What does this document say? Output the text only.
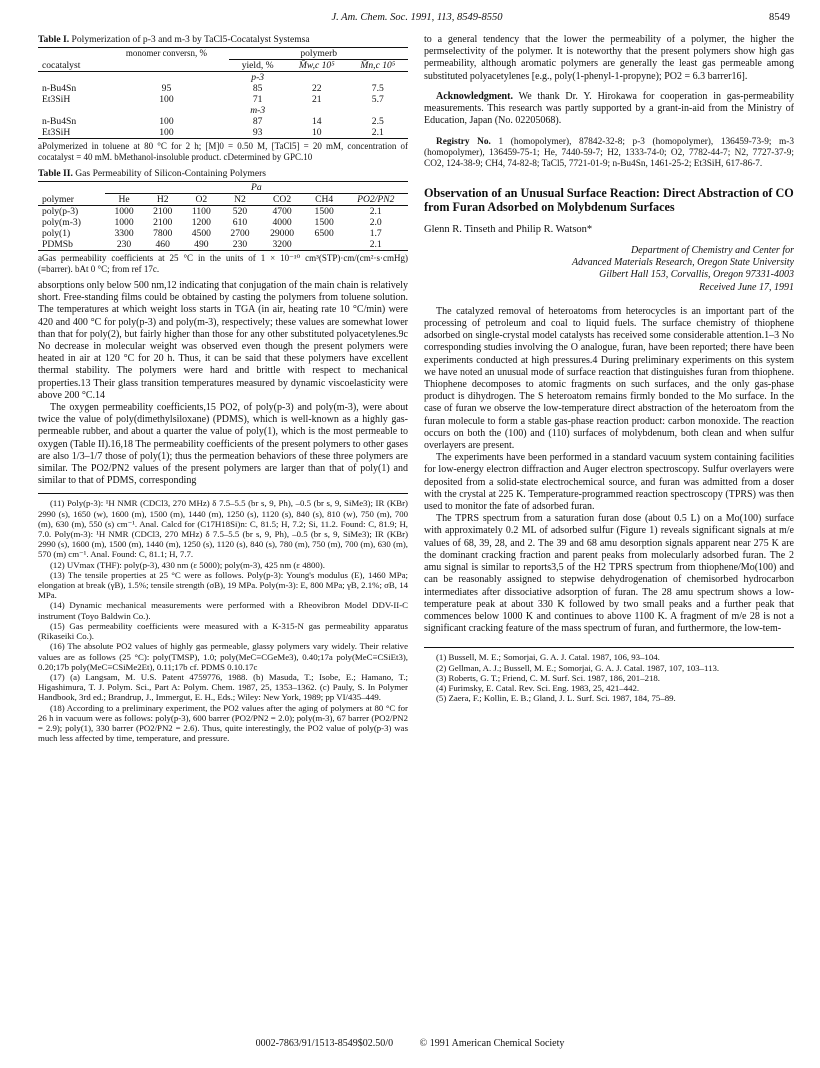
J. Am. Chem. Soc. 1991, 113, 8549-8550	8549
Table I. Polymerization of p-3 and m-3 by TaCl5-Cocatalyst Systemsa
	monomer conversn, %	polymerb		
cocatalyst		yield, %	M̄w,c 10⁵	M̄n,c 10⁵
		p-3		
n-Bu4Sn	95	85	22	7.5
Et3SiH	100	71	21	5.7
		m-3		
n-Bu4Sn	100	87	14	2.5
Et3SiH	100	93	10	2.1
aPolymerized in toluene at 80 °C for 2 h; [M]0 = 0.50 M, [TaCl5] = 20 mM, concentration of cocatalyst = 40 mM. bMethanol-insoluble product. cDetermined by GPC.10
Table II. Gas Permeability of Silicon-Containing Polymers
	Pa						
polymer	He	H2	O2	N2	CO2	CH4	PO2/PN2
poly(p-3)	1000	2100	1100	520	4700	1500	2.1
poly(m-3)	1000	2100	1200	610	4000	1500	2.0
poly(1)	3300	7800	4500	2700	29000	6500	1.7
PDMSb	230	460	490	230	3200		2.1
aGas permeability coefficients at 25 °C in the units of 1 × 10⁻¹⁰ cm³(STP)·cm/(cm²·s·cmHg) (≡barrer). bAt 0 °C; from ref 17c.

absorptions only below 500 nm,12 indicating that conjugation of the main chain is relatively short. Free-standing films could be obtained by casting the polymers from toluene solution. The temperatures at which weight loss starts in TGA (in air, heating rate 10 °C/min) were 420 and 400 °C for poly(p-3) and poly(m-3), respectively; these values are somewhat lower than that for poly(2), but fairly higher than those for any other substituted polyacetylenes.9c No decrease in molecular weight was observed even though the present polymers were heated in air at 120 °C for 20 h. Thus, it can be said that these polymers have excellent thermal stability. The polymers were hard and brittle with respect to mechanical properties.13 Their glass transition temperatures measured by dynamic viscoelasticity were above 200 °C.14

The oxygen permeability coefficients,15 PO2, of poly(p-3) and poly(m-3), were about twice the value of poly(dimethylsiloxane) (PDMS), which is well-known as a highly gas-permeable rubber, and about a quarter the value of poly(1), which is the most permeable to oxygen (Table II).16,18 The permeability coefficients of the present polymers to other gases are also 1/3–1/7 those of poly(1); thus the permeation behaviors of these three polymers are similar. The PO2/PN2 values of the present polymers are larger than that of poly(1) and similar to that of PDMS, corresponding

(11) Poly(p-3): ¹H NMR (CDCl3, 270 MHz) δ 7.5–5.5 (br s, 9, Ph), –0.5 (br s, 9, SiMe3); IR (KBr) 2990 (s), 1650 (w), 1600 (m), 1500 (m), 1440 (m), 1250 (s), 1120 (s), 840 (s), 810 (w), 750 (m), 700 (m), 630 (m), 550 (s) cm⁻¹. Anal. Calcd for (C17H18Si)n: C, 81.5; H, 7.2; Si, 11.2. Found: C, 81.9; H, 7.0. Poly(m-3): ¹H NMR (CDCl3, 270 MHz) δ 7.5–5.5 (br s, 9, Ph), –0.5 (br s, 9, SiMe3); IR (KBr) 2990 (s), 1600 (m), 1500 (m), 1440 (m), 1250 (s), 1120 (s), 840 (s), 780 (m), 750 (m), 700 (m), 630 (m), 570 (m) cm⁻¹. Anal. Found: C, 81.1; H, 7.7.
(12) UVmax (THF): poly(p-3), 430 nm (ε 5000); poly(m-3), 425 nm (ε 4800).
(13) The tensile properties at 25 °C were as follows. Poly(p-3): Young's modulus (E), 1460 MPa; elongation at break (γB), 1.5%; tensile strength (σB), 19 MPa. Poly(m-3): E, 800 MPa; γB, 2.1%; σB, 14 MPa.
(14) Dynamic mechanical measurements were performed with a Rheovibron Model DDV-II-C instrument (Toyo Baldwin Co.).
(15) Gas permeability coefficients were measured with a K-315-N gas permeability apparatus (Rikaseiki Co.).
(16) The absolute PO2 values of highly gas permeable, glassy polymers vary widely. Their relative values are as follows (25 °C): poly(TMSP), 1.0; poly(MeC≡CGeMe3), 0.40;17a poly(MeC≡CSiEt3), 0.20;17b poly(MeC≡CSiMe2Et), 0.11;17b cf. PDMS 0.10.17c
(17) (a) Langsam, M. U.S. Patent 4759776, 1988. (b) Masuda, T.; Isobe, E.; Hamano, T.; Higashimura, T. J. Polym. Sci., Part A: Polym. Chem. 1987, 25, 1353–1362. (c) Pauly, S. In Polymer Handbook, 3rd ed.; Brandrup, J., Immergut, E. H., Eds.; Wiley: New York, 1989; pp VI/435–449.
(18) According to a preliminary experiment, the PO2 values after the aging of polymers at 80 °C for 26 h in vacuum were as follows: poly(p-3), 600 barrer (PO2/PN2 = 2.0); poly(m-3), 67 barrer (PO2/PN2 = 2.9); poly(1), 330 barrer (PO2/PN2 = 2.6). Thus, quite interestingly, the PO2 value of poly(p-3) was much less affected by time, temperature, and pressure.

to a general tendency that the lower the permeability of a polymer, the higher the permselectivity of the polymer. It is noteworthy that the present polymers show high gas permeability, although aromatic polymers are generally the least gas permeable among substituted polyacetylenes [e.g., poly(1-phenyl-1-propyne); PO2 = 6.3 barrer16].

Acknowledgment. We thank Dr. Y. Hirokawa for cooperation in gas-permeability measurements. This research was partly supported by a grant-in-aid from the Ministry of Education, Japan (No. 02205068).

Registry No. 1 (homopolymer), 87842-32-8; p-3 (homopolymer), 136459-73-9; m-3 (homopolymer), 136459-75-1; He, 7440-59-7; H2, 1333-74-0; O2, 7782-44-7; N2, 7727-37-9; CO2, 124-38-9; CH4, 74-82-8; TaCl5, 7721-01-9; n-Bu4Sn, 1461-25-2; Et3SiH, 617-86-7.

Observation of an Unusual Surface Reaction: Direct Abstraction of CO from Furan Adsorbed on Molybdenum Surfaces
Glenn R. Tinseth and Philip R. Watson*
Department of Chemistry and Center for
Advanced Materials Research, Oregon State University
Gilbert Hall 153, Corvallis, Oregon 97331-4003
Received June 17, 1991

The catalyzed removal of heteroatoms from heterocycles is an important part of the processing of petroleum and coal to liquid fuels. The surface chemistry of thiophene adsorbed on single-crystal model catalysts has received some considerable attention.1–3 No corresponding studies involving the O analogue, furan, have been reported; there have been experiments conducted at high pressures.4 During preliminary experiments on this system we have noted an unusual mode of surface reaction that distinguishes furan from thiophene. Thiophene decomposes to atomic fragments on such surfaces, and the only gas-phase product is dihydrogen. The S heteroatom remains firmly bonded to the Mo surface. In the case of furan we observe the low-temperature direct abstraction of the heteroatom from the furan molecule to form a stable gas-phase reaction product: carbon monoxide. The reaction occurs on both the (100) and (110) surfaces of molybdenum, both clean and when sulfur overlayers are present.

The experiments have been performed in a standard vacuum system containing facilities for low-energy electron diffraction and Auger electron spectroscopy. Sulfur overlayers were deposited from a solid-state electrochemical source, and furan was admitted from a doser with the crystal at 225 K. Temperature-programmed reaction spectroscopy (TPRS) was then used to monitor the fate of adsorbed furan.

The TPRS spectrum from a saturation furan dose (about 0.5 L) on a Mo(100) surface with approximately 0.2 ML of adsorbed sulfur (Figure 1) reveals significant signals at m/e values of 68, 39, 28, and 2. The 39 and 68 amu desorption signals apparent near 275 K are the dominant cracking fraction and parent peaks from molecularly adsorbed furan. The 2 amu signal is similar to reports3,5 of the H2 TPRS spectrum from thiophene/Mo(100) and can be reasonably assigned to stepwise dehydrogenation of chemisorbed hydrocarbon intermediates after dissociative adsorption of furan. The 28 amu spectrum shows a low-temperature peak at about 330 K followed by two small peaks and a further peak that commences below 1000 K and continues to above 1100 K. A fragment of m/e 28 is not a significant cracking feature of the mass spectrum of furan, and furthermore, the low-tem-

(1) Bussell, M. E.; Somorjai, G. A. J. Catal. 1987, 106, 93–104.
(2) Gellman, A. J.; Bussell, M. E.; Somorjai, G. A. J. Catal. 1987, 107, 103–113.
(3) Roberts, G. T.; Friend, C. M. Surf. Sci. 1987, 186, 201–218.
(4) Furimsky, E. Catal. Rev. Sci. Eng. 1983, 25, 421–442.
(5) Zaera, F.; Kollin, E. B.; Gland, J. L. Surf. Sci. 1987, 184, 75–89.
0002-7863/91/1513-8549$02.50/0	© 1991 American Chemical Society
